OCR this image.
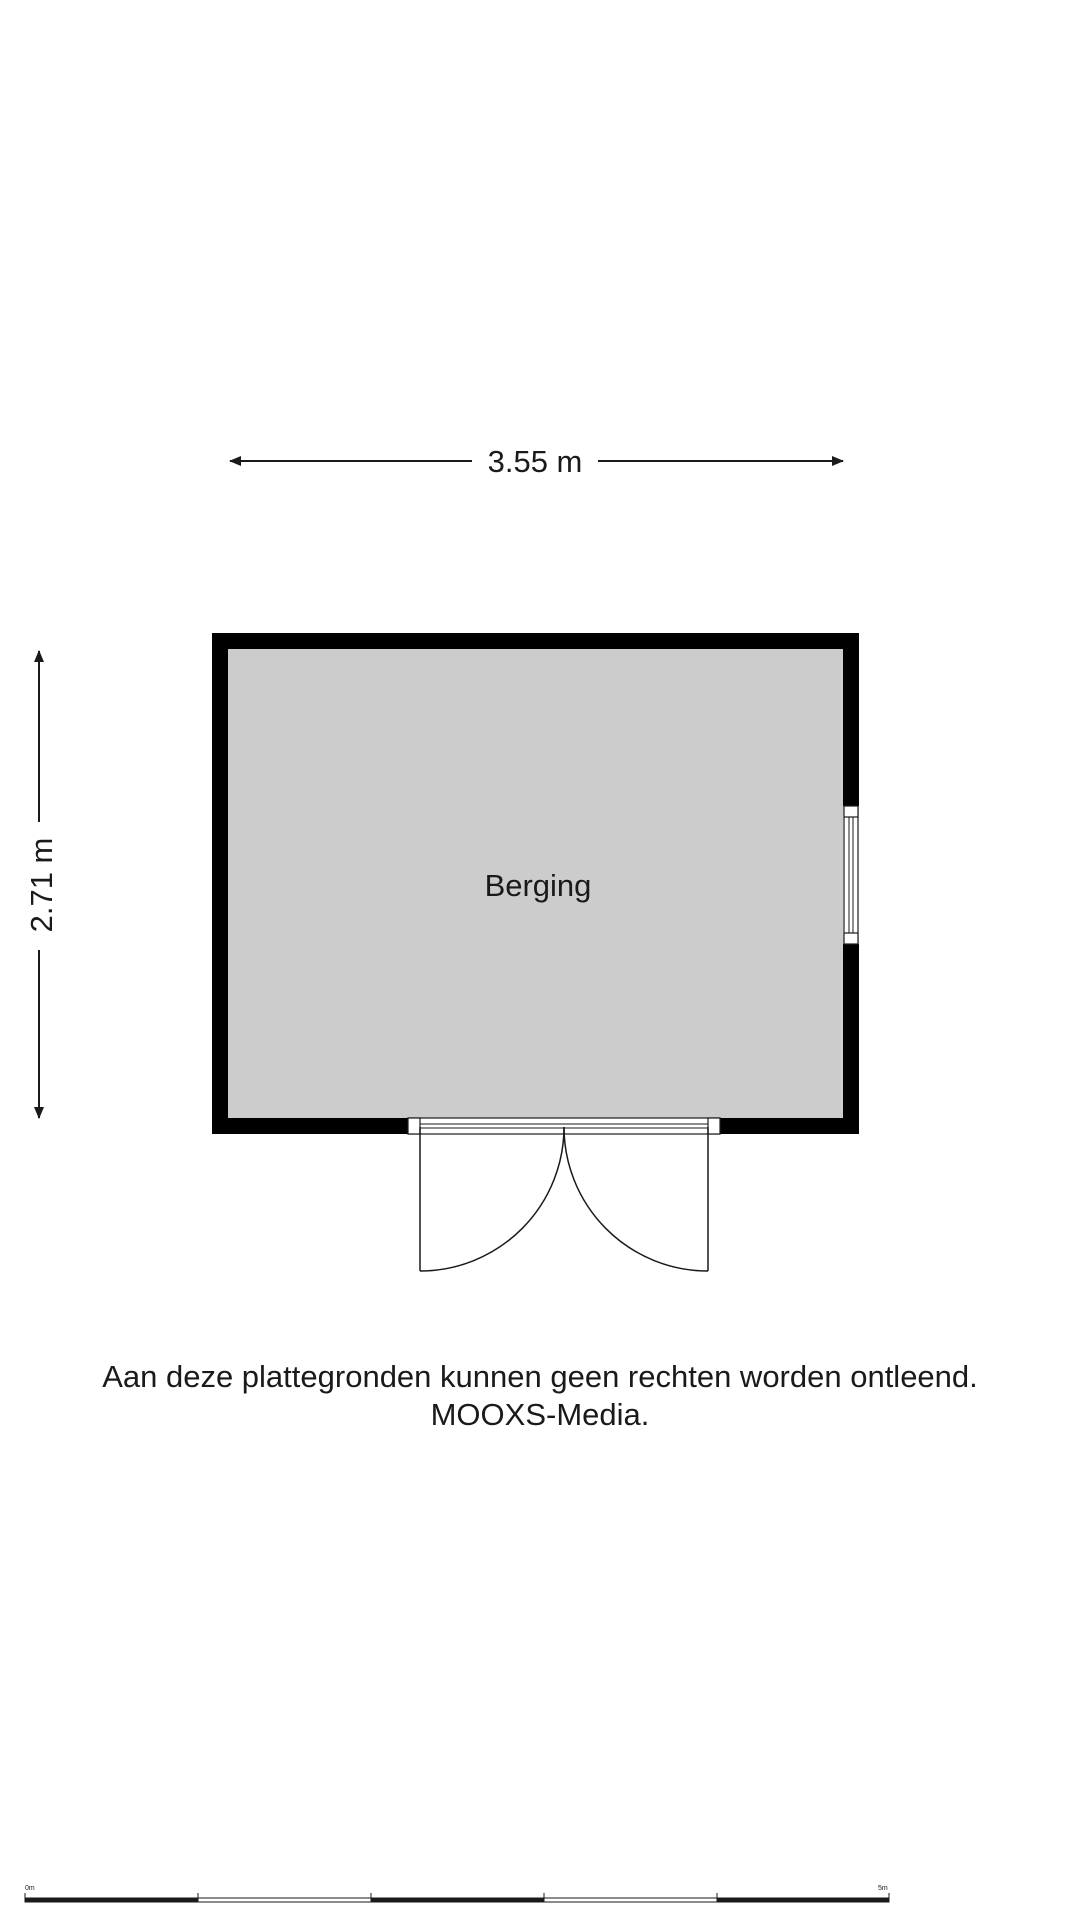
3.55 m
2.71 m	Berging
0m	5m
Aan deze plattegronden kunnen geen rechten worden ontleend.
MOOXS-Media.
